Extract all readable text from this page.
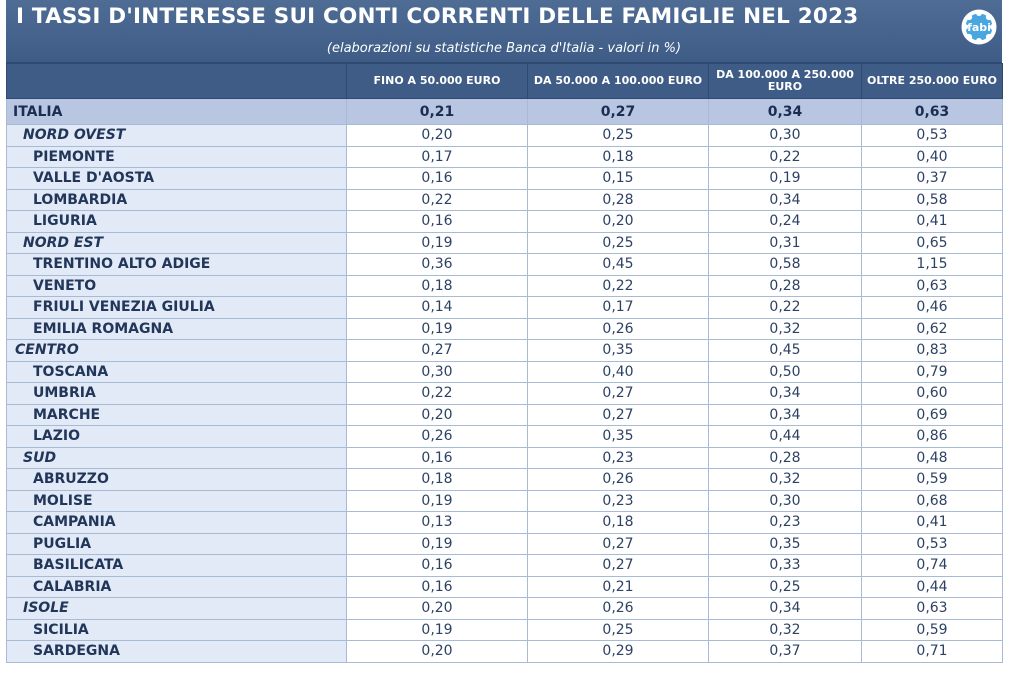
I TASSI D'INTERESSE SUI CONTI CORRENTI DELLE FAMIGLIE NEL 2023
(elaborazioni su statistiche Banca d'Italia - valori in %)
fabi
	FINO A 50.000 EURO	DA 50.000 A 100.000 EURO	DA 100.000 A 250.000 EURO	OLTRE 250.000 EURO
ITALIA	0,21	0,27	0,34	0,63
NORD OVEST	0,20	0,25	0,30	0,53
PIEMONTE	0,17	0,18	0,22	0,40
VALLE D'AOSTA	0,16	0,15	0,19	0,37
LOMBARDIA	0,22	0,28	0,34	0,58
LIGURIA	0,16	0,20	0,24	0,41
NORD EST	0,19	0,25	0,31	0,65
TRENTINO ALTO ADIGE	0,36	0,45	0,58	1,15
VENETO	0,18	0,22	0,28	0,63
FRIULI VENEZIA GIULIA	0,14	0,17	0,22	0,46
EMILIA ROMAGNA	0,19	0,26	0,32	0,62
CENTRO	0,27	0,35	0,45	0,83
TOSCANA	0,30	0,40	0,50	0,79
UMBRIA	0,22	0,27	0,34	0,60
MARCHE	0,20	0,27	0,34	0,69
LAZIO	0,26	0,35	0,44	0,86
SUD	0,16	0,23	0,28	0,48
ABRUZZO	0,18	0,26	0,32	0,59
MOLISE	0,19	0,23	0,30	0,68
CAMPANIA	0,13	0,18	0,23	0,41
PUGLIA	0,19	0,27	0,35	0,53
BASILICATA	0,16	0,27	0,33	0,74
CALABRIA	0,16	0,21	0,25	0,44
ISOLE	0,20	0,26	0,34	0,63
SICILIA	0,19	0,25	0,32	0,59
SARDEGNA	0,20	0,29	0,37	0,71
